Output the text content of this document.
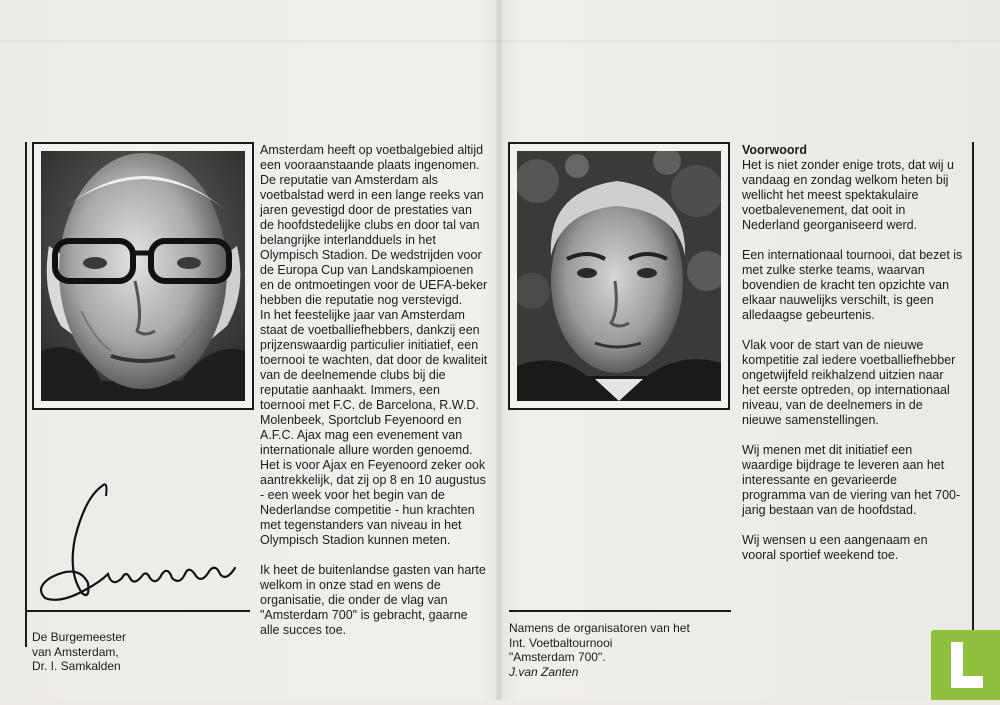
De Burgemeester
van Amsterdam,
Dr. I. Samkalden

Amsterdam heeft op voetbalgebied altijd een vooraanstaande plaats ingenomen. De reputatie van Amsterdam als voetbalstad werd in een lange reeks van jaren gevestigd door de prestaties van de hoofdstedelijke clubs en door tal van belangrijke interlandduels in het Olympisch Stadion. De wedstrijden voor de Europa Cup van Landskampioenen en de ontmoetingen voor de UEFA-beker hebben die reputatie nog verstevigd.

In het feestelijke jaar van Amsterdam staat de voetballiefhebbers, dankzij een prijzenswaardig particulier initiatief, een toernooi te wachten, dat door de kwaliteit van de deelnemende clubs bij die reputatie aanhaakt. Immers, een toernooi met F.C. de Barcelona, R.W.D. Molenbeek, Sportclub Feyenoord en A.F.C. Ajax mag een evenement van internationale allure worden genoemd. Het is voor Ajax en Feyenoord zeker ook aantrekkelijk, dat zij op 8 en 10 augustus - een week voor het begin van de Nederlandse competitie - hun krachten met tegenstanders van niveau in het Olympisch Stadion kunnen meten.

Ik heet de buitenlandse gasten van harte welkom in onze stad en wens de organisatie, die onder de vlag van "Amsterdam 700" is gebracht, gaarne alle succes toe.	Namens de organisatoren van het
Int. Voetbaltournooi
"Amsterdam 700".
J.van Zanten
Voorwoord

Het is niet zonder enige trots, dat wij u vandaag en zondag welkom heten bij wellicht het meest spektakulaire voetbalevenement, dat ooit in Nederland georganiseerd werd.

Een internationaal tournooi, dat bezet is met zulke sterke teams, waarvan bovendien de kracht ten opzichte van elkaar nauwelijks verschilt, is geen alledaagse gebeurtenis.

Vlak voor de start van de nieuwe kompetitie zal iedere voetballiefhebber ongetwijfeld reikhalzend uitzien naar het eerste optreden, op internationaal niveau, van de deelnemers in de nieuwe samenstellingen.

Wij menen met dit initiatief een waardige bijdrage te leveren aan het interessante en gevarieerde programma van de viering van het 700-jarig bestaan van de hoofdstad.

Wij wensen u een aangenaam en vooral sportief weekend toe.
